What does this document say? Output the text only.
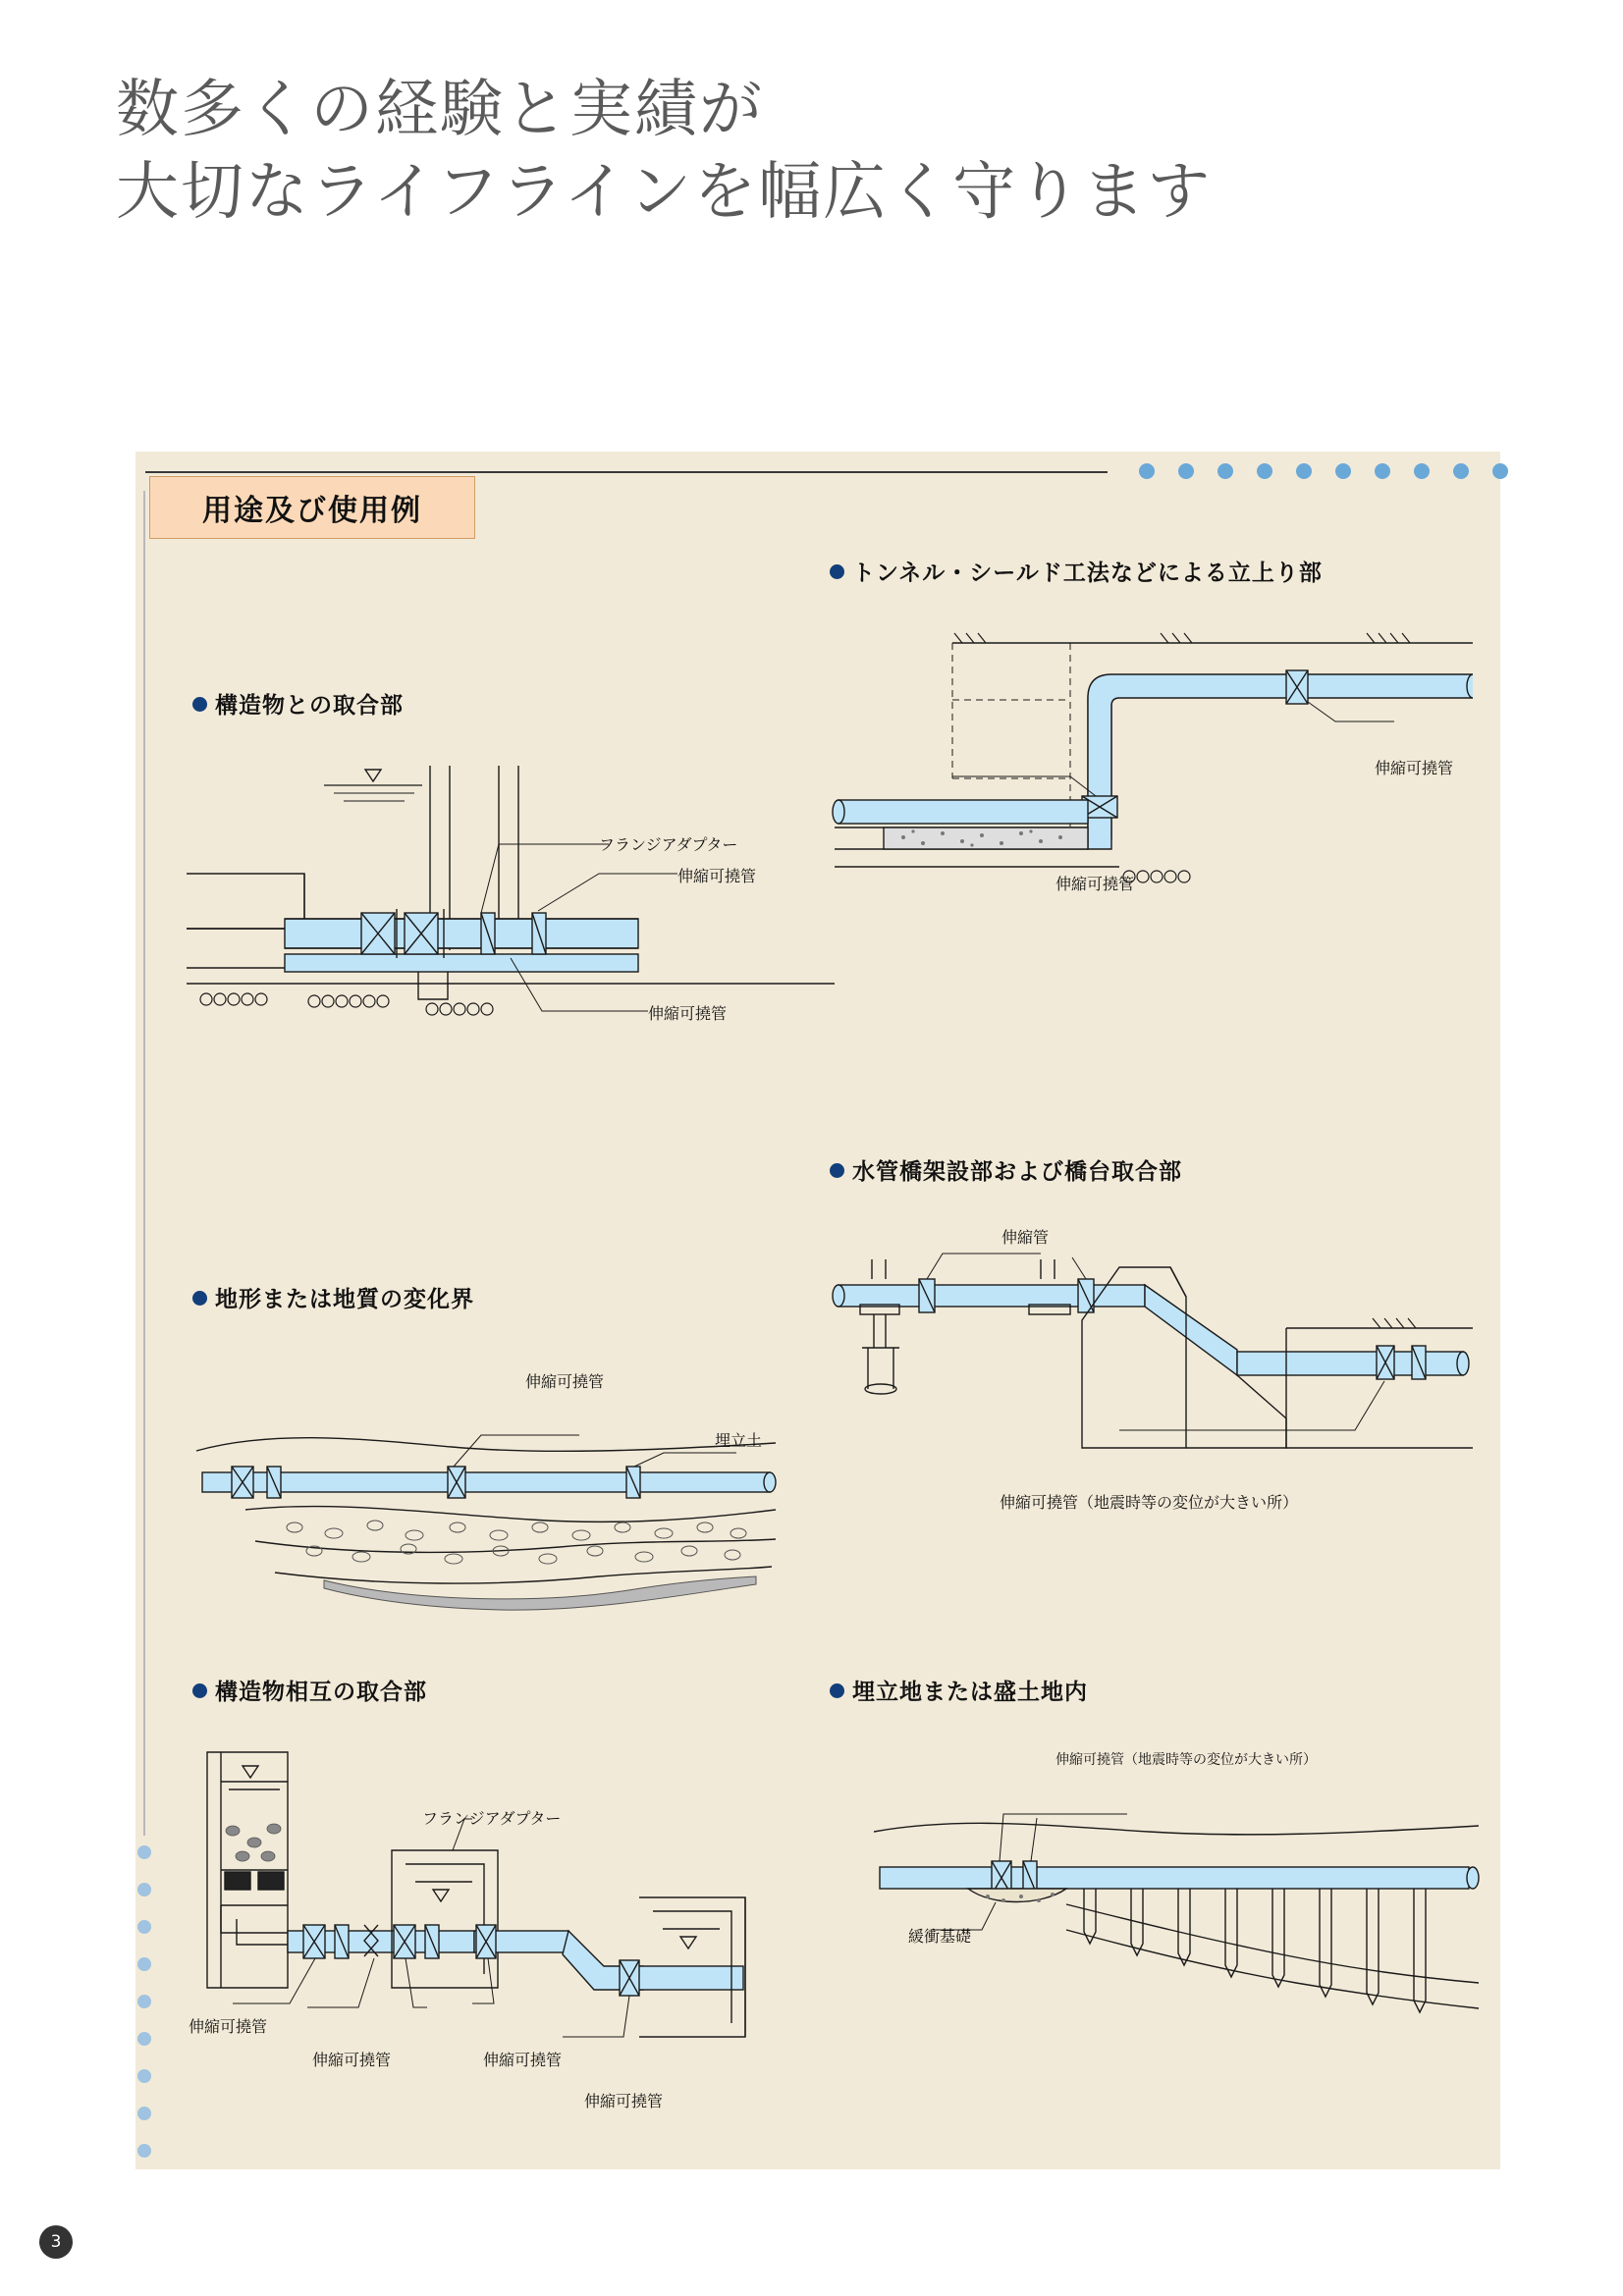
数多くの経験と実績が
大切なライフラインを幅広く守ります
用途及び使用例
構造物との取合部
トンネル・シールド工法などによる立上り部
地形または地質の変化界
水管橋架設部および橋台取合部
構造物相互の取合部	埋立地または盛土地内
フランジアダプター
伸縮可撓管
伸縮可撓管
伸縮可撓管
伸縮可撓管
伸縮可撓管
埋立土
伸縮管
伸縮可撓管（地震時等の変位が大きい所）
フランジアダプター
伸縮可撓管
伸縮可撓管	伸縮可撓管
伸縮可撓管
伸縮可撓管（地震時等の変位が大きい所）
緩衝基礎
3
